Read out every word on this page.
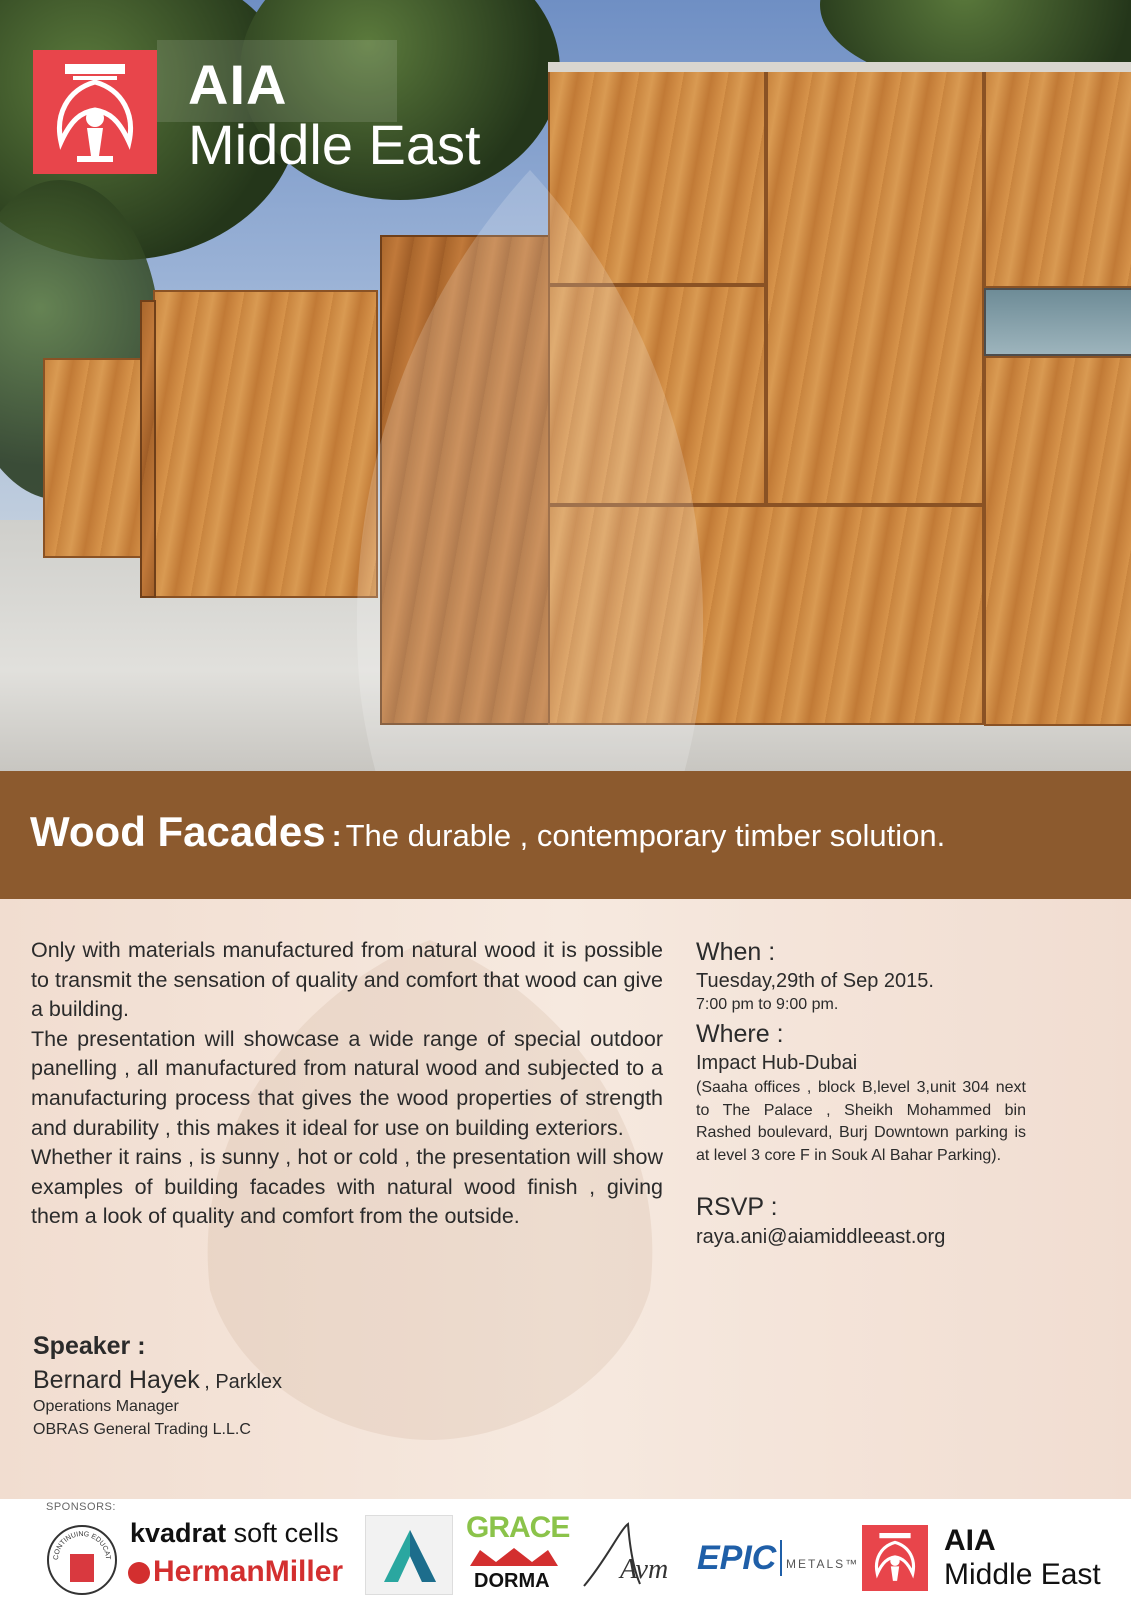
AIA
Middle East
Wood Facades : The durable , contemporary timber solution.

Only with materials manufactured from natural wood it is possible to transmit the sensation of quality and comfort that wood can give a building.

The presentation will showcase a wide range of special outdoor panelling , all manufactured from natural wood and subjected to a manufacturing process that gives the wood properties of strength and durability , this makes it ideal for use on building exteriors.

Whether it rains , is sunny , hot or cold , the presentation will show examples of building facades with natural wood finish , giving them a look of quality and comfort from the outside.

When :
Tuesday,29th of Sep 2015.
7:00 pm to 9:00 pm.
Where :
Impact Hub-Dubai
(Saaha offices , block B,level 3,unit 304 next to The Palace , Sheikh Mohammed bin Rashed boulevard, Burj Downtown parking is at level 3 core F in Souk Al Bahar Parking).
RSVP :
raya.ani@aiamiddleeast.org
Speaker :
Bernard Hayek , Parklex
Operations Manager
OBRAS General Trading L.L.C
SPONSORS:
CONTINUING EDUCAT
kvadrat soft cells
HermanMiller
GRACE
DORMA	Avm EPIC METALS™
AIA
Middle East
